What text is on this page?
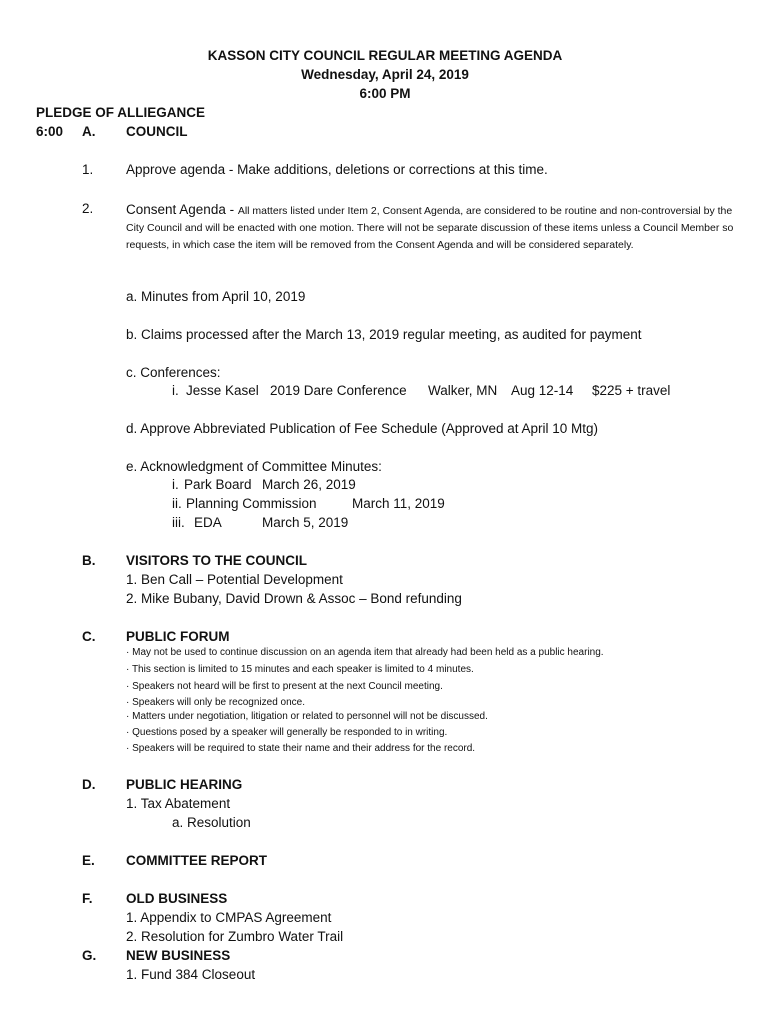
KASSON CITY COUNCIL REGULAR MEETING AGENDA
Wednesday, April 24, 2019
6:00 PM
PLEDGE OF ALLIEGANCE
6:00 A. COUNCIL
1. Approve agenda - Make additions, deletions or corrections at this time.
2. Consent Agenda - All matters listed under Item 2, Consent Agenda, are considered to be routine and non-controversial by the City Council and will be enacted with one motion. There will not be separate discussion of these items unless a Council Member so requests, in which case the item will be removed from the Consent Agenda and will be considered separately.
a. Minutes from April 10, 2019
b. Claims processed after the March 13, 2019 regular meeting, as audited for payment
c. Conferences:
i. Jesse Kasel 2019 Dare Conference Walker, MN Aug 12-14 $225 + travel
d. Approve Abbreviated Publication of Fee Schedule (Approved at April 10 Mtg)
e. Acknowledgment of Committee Minutes:
i. Park Board March 26, 2019
ii. Planning Commission	March 11, 2019
iii. EDA	March 5, 2019
B. VISITORS TO THE COUNCIL
1. Ben Call – Potential Development
2. Mike Bubany, David Drown & Assoc – Bond refunding
C. PUBLIC FORUM
· May not be used to continue discussion on an agenda item that already had been held as a public hearing.
· This section is limited to 15 minutes and each speaker is limited to 4 minutes.
· Speakers not heard will be first to present at the next Council meeting.
· Speakers will only be recognized once.
· Matters under negotiation, litigation or related to personnel will not be discussed.
· Questions posed by a speaker will generally be responded to in writing.
· Speakers will be required to state their name and their address for the record.
D. PUBLIC HEARING
1. Tax Abatement
a. Resolution
E. COMMITTEE REPORT
F. OLD BUSINESS
1. Appendix to CMPAS Agreement
2. Resolution for Zumbro Water Trail
G. NEW BUSINESS
1. Fund 384 Closeout
